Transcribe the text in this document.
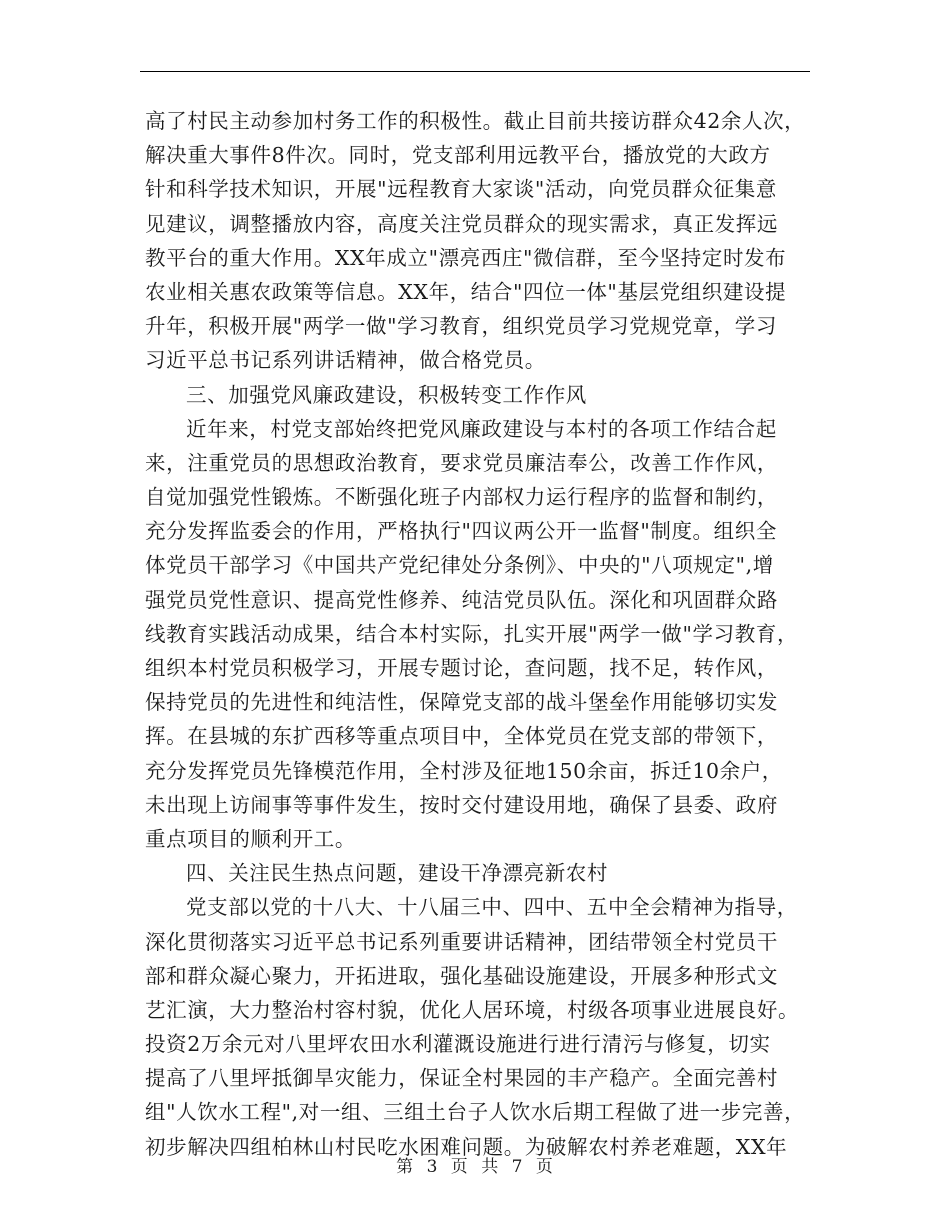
高了村民主动参加村务工作的积极性。截止目前共接访群众42余人次，
解决重大事件8件次。同时，党支部利用远教平台，播放党的大政方
针和科学技术知识，开展"远程教育大家谈"活动，向党员群众征集意
见建议，调整播放内容，高度关注党员群众的现实需求，真正发挥远
教平台的重大作用。XX年成立"漂亮西庄"微信群，至今坚持定时发布
农业相关惠农政策等信息。XX年，结合"四位一体"基层党组织建设提
升年，积极开展"两学一做"学习教育，组织党员学习党规党章，学习
习近平总书记系列讲话精神，做合格党员。
三、加强党风廉政建设，积极转变工作作风
近年来，村党支部始终把党风廉政建设与本村的各项工作结合起
来，注重党员的思想政治教育，要求党员廉洁奉公，改善工作作风，
自觉加强党性锻炼。不断强化班子内部权力运行程序的监督和制约，
充分发挥监委会的作用，严格执行"四议两公开一监督"制度。组织全
体党员干部学习《中国共产党纪律处分条例》、中央的"八项规定",增
强党员党性意识、提高党性修养、纯洁党员队伍。深化和巩固群众路
线教育实践活动成果，结合本村实际，扎实开展"两学一做"学习教育，
组织本村党员积极学习，开展专题讨论，查问题，找不足，转作风，
保持党员的先进性和纯洁性，保障党支部的战斗堡垒作用能够切实发
挥。在县城的东扩西移等重点项目中，全体党员在党支部的带领下，
充分发挥党员先锋模范作用，全村涉及征地150余亩，拆迁10余户，
未出现上访闹事等事件发生，按时交付建设用地，确保了县委、政府
重点项目的顺利开工。
四、关注民生热点问题，建设干净漂亮新农村
党支部以党的十八大、十八届三中、四中、五中全会精神为指导，
深化贯彻落实习近平总书记系列重要讲话精神，团结带领全村党员干
部和群众凝心聚力，开拓进取，强化基础设施建设，开展多种形式文
艺汇演，大力整治村容村貌，优化人居环境，村级各项事业进展良好。
投资2万余元对八里坪农田水利灌溉设施进行进行清污与修复，切实
提高了八里坪抵御旱灾能力，保证全村果园的丰产稳产。全面完善村
组"人饮水工程",对一组、三组土台子人饮水后期工程做了进一步完善，
初步解决四组柏林山村民吃水困难问题。为破解农村养老难题，XX年
第 3 页 共 7 页
